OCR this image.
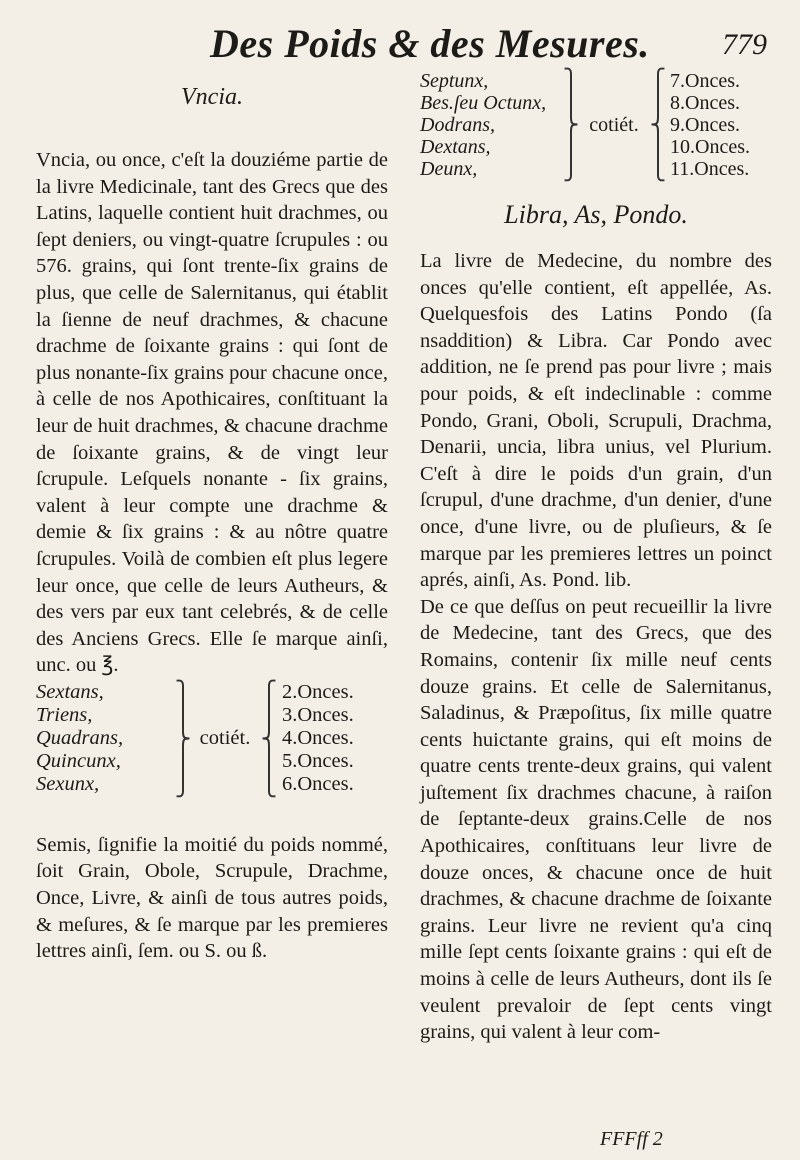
Des Poids & des Mesures. 779
Vncia.

Vncia, ou once, c'eſt la douziéme partie de la livre Medicinale, tant des Grecs que des Latins, laquelle contient huit drachmes, ou ſept deniers, ou vingt-quatre ſcrupules : ou 576. grains, qui ſont trente-ſix grains de plus, que celle de Salernitanus, qui établit la ſienne de neuf drachmes, & chacune drachme de ſoixante grains : qui ſont de plus nonante-ſix grains pour chacune once, à celle de nos Apothicaires, conſtituant la leur de huit drachmes, & chacune drachme de ſoixante grains, & de vingt leur ſcrupule. Leſquels nonante - ſix grains, valent à leur compte une drachme & demie & ſix grains : & au nôtre quatre ſcrupules. Voilà de combien eſt plus legere leur once, que celle de leurs Autheurs, & des vers par eux tant celebrés, & de celle des Anciens Grecs. Elle ſe marque ainſi, unc. ou ℥.

Sextans,	⎫	⎧ 2.Onces.
Triens,	⎪	⎪ 3.Onces.
Quadrans,	⎬ cotiét. ⎨ 4.Onces.
Quincunx,	⎪	⎪ 5.Onces.
Sexunx,	⎭	⎩ 6.Onces.

Semis, ſignifie la moitié du poids nommé, ſoit Grain, Obole, Scrupule, Drachme, Once, Livre, & ainſi de tous autres poids, & meſures, & ſe marque par les premieres lettres ainſi, ſem. ou S. ou ß.

Septunx,	⎫	⎧ 7.Onces.
Bes.ſeu Octunx, ⎪	⎪ 8.Onces.
Dodrans,	⎬ cotiét. ⎨ 9.Onces.
Dextans,	⎪	⎪ 10.Onces.
Deunx,	⎭	⎩ 11.Onces.
Libra, As, Pondo.

La livre de Medecine, du nombre des onces qu'elle contient, eſt appellée, As. Quelquesfois des Latins Pondo (ſa nsaddition) & Libra. Car Pondo avec addition, ne ſe prend pas pour livre ; mais pour poids, & eſt indeclinable : comme Pondo, Grani, Oboli, Scrupuli, Drachma, Denarii, uncia, libra unius, vel Plurium. C'eſt à dire le poids d'un grain, d'un ſcrupul, d'une drachme, d'un denier, d'une once, d'une livre, ou de pluſieurs, & ſe marque par les premieres lettres un poinct aprés, ainſi, As. Pond. lib.

De ce que deſſus on peut recueillir la livre de Medecine, tant des Grecs, que des Romains, contenir ſix mille neuf cents douze grains. Et celle de Salernitanus, Saladinus, & Præpoſitus, ſix mille quatre cents huictante grains, qui eſt moins de quatre cents trente-deux grains, qui valent juſtement ſix drachmes chacune, à raiſon de ſeptante-deux grains.Celle de nos Apothicaires, conſtituans leur livre de douze onces, & chacune once de huit drachmes, & chacune drachme de ſoixante grains. Leur livre ne revient qu'a cinq mille ſept cents ſoixante grains : qui eſt de moins à celle de leurs Autheurs, dont ils ſe veulent prevaloir de ſept cents vingt grains, qui valent à leur com-

FFFff 2
